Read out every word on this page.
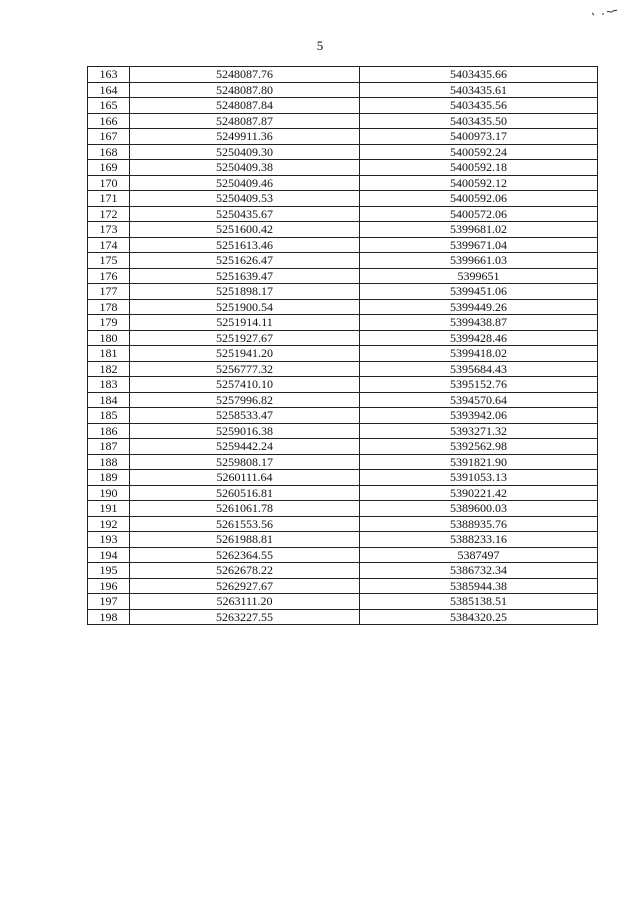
5
163	5248087.76	5403435.66
164	5248087.80	5403435.61
165	5248087.84	5403435.56
166	5248087.87	5403435.50
167	5249911.36	5400973.17
168	5250409.30	5400592.24
169	5250409.38	5400592.18
170	5250409.46	5400592.12
171	5250409.53	5400592.06
172	5250435.67	5400572.06
173	5251600.42	5399681.02
174	5251613.46	5399671.04
175	5251626.47	5399661.03
176	5251639.47	5399651
177	5251898.17	5399451.06
178	5251900.54	5399449.26
179	5251914.11	5399438.87
180	5251927.67	5399428.46
181	5251941.20	5399418.02
182	5256777.32	5395684.43
183	5257410.10	5395152.76
184	5257996.82	5394570.64
185	5258533.47	5393942.06
186	5259016.38	5393271.32
187	5259442.24	5392562.98
188	5259808.17	5391821.90
189	5260111.64	5391053.13
190	5260516.81	5390221.42
191	5261061.78	5389600.03
192	5261553.56	5388935.76
193	5261988.81	5388233.16
194	5262364.55	5387497
195	5262678.22	5386732.34
196	5262927.67	5385944.38
197	5263111.20	5385138.51
198	5263227.55	5384320.25
